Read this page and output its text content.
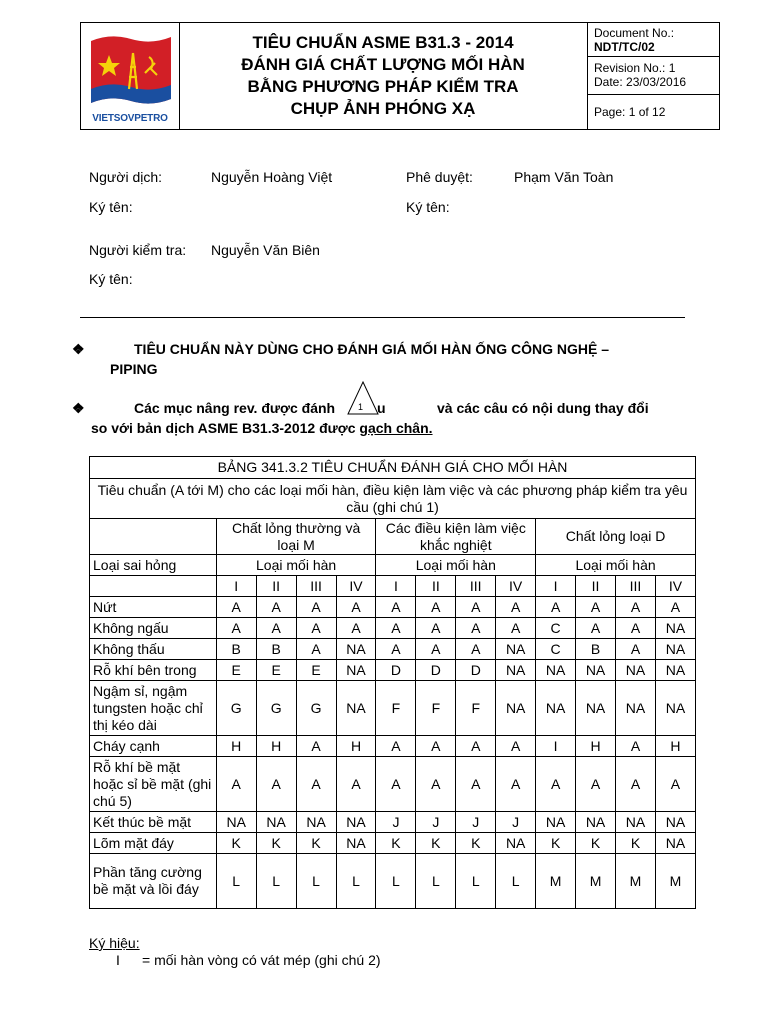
VIETSOVPETRO
TIÊU CHUẨN ASME B31.3 - 2014
ĐÁNH GIÁ CHẤT LƯỢNG MỐI HÀN
BẰNG PHƯƠNG PHÁP KIỂM TRA
CHỤP ẢNH PHÓNG XẠ
Document No.:
NDT/TC/02
Revision No.: 1
Date: 23/03/2016
Page: 1 of 12
Người dịch:	Nguyễn Hoàng Việt	Phê duyệt:	Phạm Văn Toàn
Ký tên:	Ký tên:
Người kiểm tra: Nguyễn Văn Biên
Ký tên:
❖	TIÊU CHUẨN NÀY DÙNG CHO ĐÁNH GIÁ MỐI HÀN ỐNG CÔNG NGHỆ –
PIPING
❖	Các mục nâng rev. được đánh	1 u	và các câu có nội dung thay đổi
so với bản dịch ASME B31.3-2012 được gạch chân.
BẢNG 341.3.2 TIÊU CHUẨN ĐÁNH GIÁ CHO MỐI HÀN												
Tiêu chuẩn (A tới M) cho các loại mối hàn, điều kiện làm việc và các phương pháp kiểm tra yêu cầu (ghi chú 1)												
	Chất lỏng thường và loại M				Các điều kiện làm việc khắc nghiệt				Chất lỏng loại D			
Loại sai hỏng	Loại mối hàn				Loại mối hàn				Loại mối hàn			
	I	II	III	IV	I	II	III	IV	I	II	III	IV
Nứt	A	A	A	A	A	A	A	A	A	A	A	A
Không ngấu	A	A	A	A	A	A	A	A	C	A	A	NA
Không thấu	B	B	A	NA	A	A	A	NA	C	B	A	NA
Rỗ khí bên trong	E	E	E	NA	D	D	D	NA	NA	NA	NA	NA
Ngậm sỉ, ngậm tungsten hoặc chỉ thị kéo dài	G	G	G	NA	F	F	F	NA	NA	NA	NA	NA
Cháy cạnh	H	H	A	H	A	A	A	A	I	H	A	H
Rỗ khí bề mặt hoặc sỉ bề mặt (ghi chú 5)	A	A	A	A	A	A	A	A	A	A	A	A
Kết thúc bề mặt	NA	NA	NA	NA	J	J	J	J	NA	NA	NA	NA
Lõm mặt đáy	K	K	K	NA	K	K	K	NA	K	K	K	NA
Phần tăng cường bề mặt và lồi đáy	L	L	L	L	L	L	L	L	M	M	M	M
Ký hiệu:
I = mối hàn vòng có vát mép (ghi chú 2)
